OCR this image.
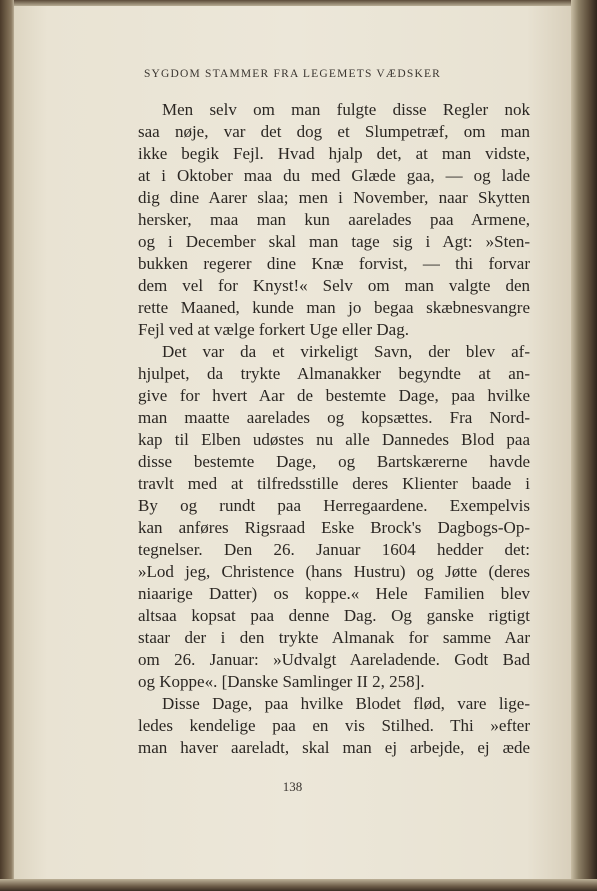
SYGDOM STAMMER FRA LEGEMETS VÆDSKER
Men selv om man fulgte disse Regler nok
saa nøje, var det dog et Slumpetræf, om man
ikke begik Fejl. Hvad hjalp det, at man vidste,
at i Oktober maa du med Glæde gaa, — og lade
dig dine Aarer slaa; men i November, naar Skytten
hersker, maa man kun aarelades paa Armene,
og i December skal man tage sig i Agt: »Sten-
bukken regerer dine Knæ forvist, — thi forvar
dem vel for Knyst!« Selv om man valgte den
rette Maaned, kunde man jo begaa skæbnesvangre
Fejl ved at vælge forkert Uge eller Dag.
Det var da et virkeligt Savn, der blev af-
hjulpet, da trykte Almanakker begyndte at an-
give for hvert Aar de bestemte Dage, paa hvilke
man maatte aarelades og kopsættes. Fra Nord-
kap til Elben udøstes nu alle Dannedes Blod paa
disse bestemte Dage, og Bartskærerne havde
travlt med at tilfredsstille deres Klienter baade i
By og rundt paa Herregaardene. Exempelvis
kan anføres Rigsraad Eske Brock's Dagbogs-Op-
tegnelser. Den 26. Januar 1604 hedder det:
»Lod jeg, Christence (hans Hustru) og Jøtte (deres
niaarige Datter) os koppe.« Hele Familien blev
altsaa kopsat paa denne Dag. Og ganske rigtigt
staar der i den trykte Almanak for samme Aar
om 26. Januar: »Udvalgt Aareladende. Godt Bad
og Koppe«. [Danske Samlinger II 2, 258].
Disse Dage, paa hvilke Blodet flød, vare lige-
ledes kendelige paa en vis Stilhed. Thi »efter
man haver aareladt, skal man ej arbejde, ej æde
138
